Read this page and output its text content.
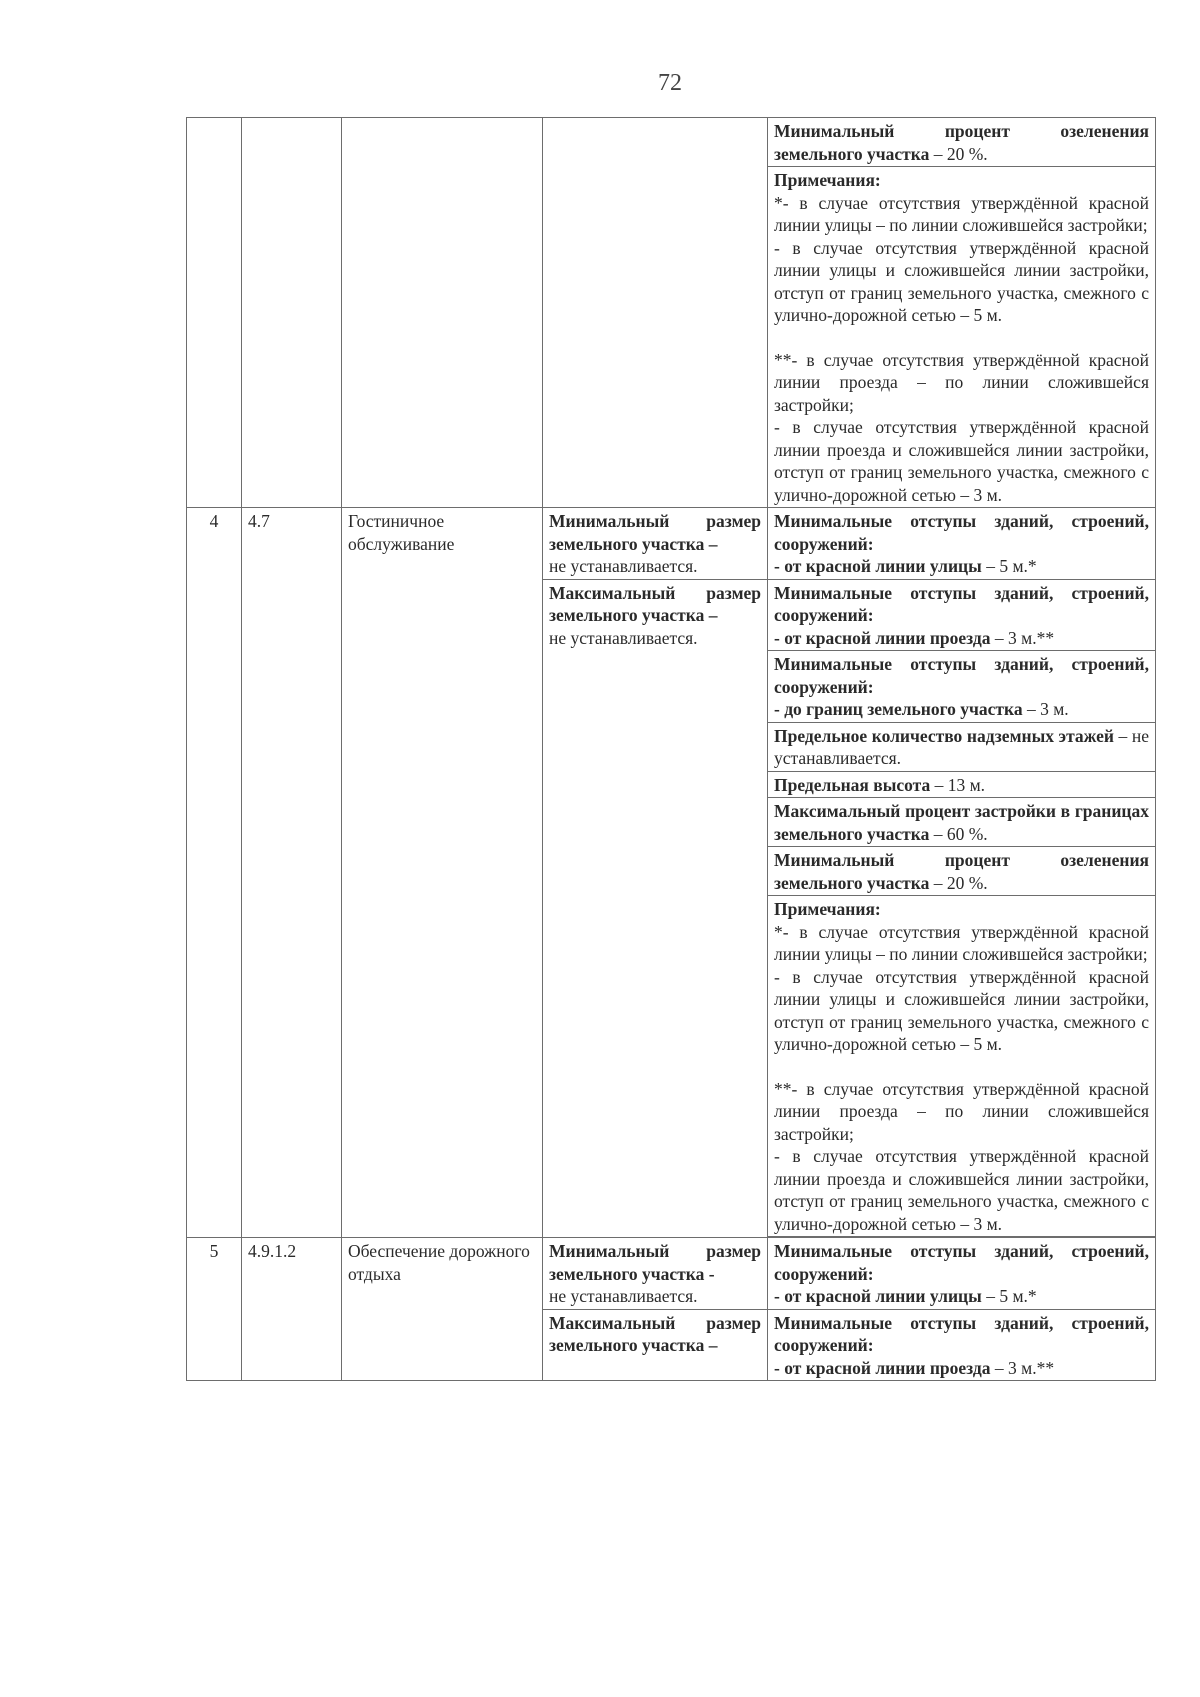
72
				Минимальный процент озеленения земельного участка – 20 %.

				Примечания:

*- в случае отсутствия утверждённой красной линии улицы – по линии сложившейся застройки;

- в случае отсутствия утверждённой красной линии улицы и сложившейся линии застройки, отступ от границ земельного участка, смежного с улично-дорожной сетью – 5 м.

**- в случае отсутствия утверждённой красной линии проезда – по линии сложившейся застройки;

- в случае отсутствия утверждённой красной линии проезда и сложившейся линии застройки, отступ от границ земельного участка, смежного с улично-дорожной сетью – 3 м.

4	4.7	Гостиничное обслуживание	Минимальный размер земельного участка –
не устанавливается.	Минимальные отступы зданий, строений, сооружений:
- от красной линии улицы – 5 м.*
			Максимальный размер земельного участка –
не устанавливается.	Минимальные отступы зданий, строений, сооружений:
- от красной линии проезда – 3 м.**
				Минимальные отступы зданий, строений, сооружений:
- до границ земельного участка – 3 м.
				Предельное количество надземных этажей – не устанавливается.
				Предельная высота – 13 м.
				Максимальный процент застройки в границах земельного участка – 60 %.
				Минимальный процент озеленения земельного участка – 20 %.

				Примечания:

*- в случае отсутствия утверждённой красной линии улицы – по линии сложившейся застройки;

- в случае отсутствия утверждённой красной линии улицы и сложившейся линии застройки, отступ от границ земельного участка, смежного с улично-дорожной сетью – 5 м.

**- в случае отсутствия утверждённой красной линии проезда – по линии сложившейся застройки;

- в случае отсутствия утверждённой красной линии проезда и сложившейся линии застройки, отступ от границ земельного участка, смежного с улично-дорожной сетью – 3 м.

5	4.9.1.2	Обеспечение дорожного отдыха	Минимальный размер земельного участка -
не устанавливается.	Минимальные отступы зданий, строений, сооружений:
- от красной линии улицы – 5 м.*
			Максимальный размер земельного участка –	Минимальные отступы зданий, строений, сооружений:
- от красной линии проезда – 3 м.**
